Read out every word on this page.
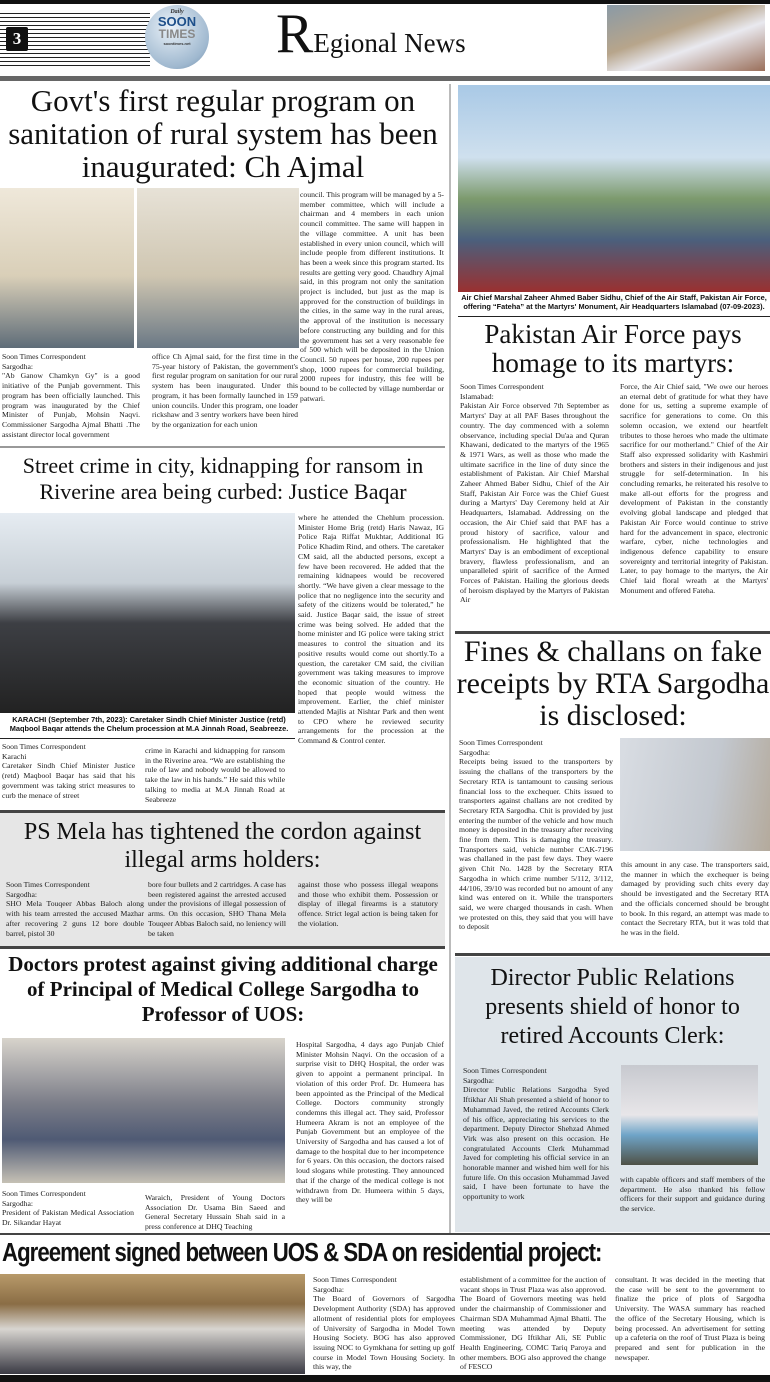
3
Daily
SOON
TIMES
soontimes.net	REgional News
Govt's first regular program on sanitation of rural system has been inaugurated: Ch Ajmal
Soon Times Correspondent
Sargodha:

"Ab Ganow Chamkyn Gy" is a good initiative of the Punjab government. This program has been officially launched. This program was inaugurated by the Chief Minister of Punjab, Mohsin Naqvi. Commissioner Sargodha Ajmal Bhatti .The assistant director local government

office Ch Ajmal said, for the first time in the 75-year history of Pakistan, the government's first regular program on sanitation for our rural system has been inaugurated. Under this program, it has been formally launched in 159 union councils. Under this program, one loader rickshaw and 3 sentry workers have been hired by the organization for each union
council. This program will be managed by a 5-member committee, which will include a chairman and 4 members in each union council committee. The same will happen in the village committee. A unit has been established in every union council, which will include people from different institutions. It has been a week since this program started. Its results are getting very good. Chaudhry Ajmal said, in this program not only the sanitation project is included, but just as the map is approved for the construction of buildings in the cities, in the same way in the rural areas, the approval of the institution is necessary before constructing any building and for this the government has set a very reasonable fee of 500 which will be deposited in the Union Council. 50 rupees per house, 200 rupees per shop, 1000 rupees for commercial building, 2000 rupees for industry, this fee will be bound to be collected by village numberdar or patwari.
Street crime in city, kidnapping for ransom in Riverine area being curbed: Justice Baqar
KARACHI (September 7th, 2023): Caretaker Sindh Chief Minister Justice (retd) Maqbool Baqar attends the Chelum procession at M.A Jinnah Road, Seabreeze.
Soon Times Correspondent
Karachi

Caretaker Sindh Chief Minister Justice (retd) Maqbool Baqar has said that his government was taking strict measures to curb the menace of street

crime in Karachi and kidnapping for ransom in the Riverine area. “We are establishing the rule of law and nobody would be allowed to take the law in his hands.” He said this while talking to media at M.A Jinnah Road at Seabreeze
where he attended the Chehlum procession. Minister Home Brig (retd) Haris Nawaz, IG Police Raja Riffat Mukhtar, Additional IG Police Khadim Rind, and others. The caretaker CM said, all the abducted persons, except a few have been recovered. He added that the remaining kidnapees would be recovered shortly. “We have given a clear message to the police that no negligence into the security and safety of the citizens would be tolerated,” he said. Justice Baqar said, the issue of street crime was being solved. He added that the home minister and IG police were taking strict measures to control the situation and its positive results would come out shortly.To a question, the caretaker CM said, the civilian government was taking measures to improve the economic situation of the country. He hoped that people would witness the improvement. Earlier, the chief minister attended Majlis at Nishtar Park and then went to CPO where he reviewed security arrangements for the procession at the Command & Control center.
PS Mela has tightened the cordon against illegal arms holders:
Soon Times Correspondent
Sargodha:

SHO Mela Touqeer Abbas Baloch along with his team arrested the accused Mazhar after recovering 2 guns 12 bore double barrel, pistol 30

bore four bullets and 2 cartridges. A case has been registered against the arrested accused under the provisions of illegal possession of arms. On this occasion, SHO Thana Mela Touqeer Abbas Baloch said, no leniency will be taken
against those who possess illegal weapons and those who exhibit them. Possession or display of illegal firearms is a statutory offence. Strict legal action is being taken for the violation.
Doctors protest against giving additional charge of Principal of Medical College Sargodha to Professor of UOS:
Soon Times Correspondent
Sargodha:

President of Pakistan Medical Association Dr. Sikandar Hayat

Waraich, President of Young Doctors Association Dr. Usama Bin Saeed and General Secretary Hussain Shah said in a press conference at DHQ Teaching
Hospital Sargodha, 4 days ago Punjab Chief Minister Mohsin Naqvi. On the occasion of a surprise visit to DHQ Hospital, the order was given to appoint a permanent principal. In violation of this order Prof. Dr. Humeera has been appointed as the Principal of the Medical College. Doctors community strongly condemns this illegal act. They said, Professor Humeera Akram is not an employee of the Punjab Government but an employee of the University of Sargodha and has caused a lot of damage to the hospital due to her incompetence for 6 years. On this occasion, the doctors raised loud slogans while protesting. They announced that if the charge of the medical college is not withdrawn from Dr. Humeera within 5 days, they will be
Air Chief Marshal Zaheer Ahmed Baber Sidhu, Chief of the Air Staff, Pakistan Air Force, offering “Fateha” at the Martyrs' Monument, Air Headquarters Islamabad (07-09-2023).
Pakistan Air Force pays homage to its martyrs:
Soon Times Correspondent
Islamabad:

Pakistan Air Force observed 7th September as Martyrs' Day at all PAF Bases throughout the country. The day commenced with a solemn observance, including special Du'aa and Quran Khawani, dedicated to the martyrs of the 1965 & 1971 Wars, as well as those who made the ultimate sacrifice in the line of duty since the establishment of Pakistan. Air Chief Marshal Zaheer Ahmed Baber Sidhu, Chief of the Air Staff, Pakistan Air Force was the Chief Guest during a Martyrs' Day Ceremony held at Air Headquarters, Islamabad. Addressing on the occasion, the Air Chief said that PAF has a proud history of sacrifice, valour and professionalism. He highlighted that the Martyrs' Day is an embodiment of exceptional bravery, flawless professionalism, and an unparalleled spirit of sacrifice of the Armed Forces of Pakistan. Hailing the glorious deeds of heroism displayed by the Martyrs of Pakistan Air

Force, the Air Chief said, "We owe our heroes an eternal debt of gratitude for what they have done for us, setting a supreme example of sacrifice for generations to come. On this solemn occasion, we extend our heartfelt tributes to those heroes who made the ultimate sacrifice for our motherland." Chief of the Air Staff also expressed solidarity with Kashmiri brothers and sisters in their indigenous and just struggle for self-determination. In his concluding remarks, he reiterated his resolve to make all-out efforts for the progress and development of Pakistan in the constantly evolving global landscape and pledged that Pakistan Air Force would continue to strive hard for the advancement in space, electronic warfare, cyber, niche technologies and indigenous defence capability to ensure sovereignty and territorial integrity of Pakistan. Later, to pay homage to the martyrs, the Air Chief laid floral wreath at the Martyrs' Monument and offered Fateha.
Fines & challans on fake receipts by RTA Sargodha is disclosed:
Soon Times Correspondent
Sargodha:

Receipts being issued to the transporters by issuing the challans of the transporters by the Secretary RTA is tantamount to causing serious financial loss to the exchequer. Chits issued to transporters against challans are not credited by Secretary RTA Sargodha. Chit is provided by just entering the number of the vehicle and how much money is deposited in the treasury after receiving fine from them. This is damaging the treasury. Transporters said, vehicle number CAK-7196 was challaned in the past few days. They waere given Chit No. 1428 by the Secretary RTA Sargodha in which crime number 5/112, 3/112, 44/106, 39/10 was recorded but no amount of any kind was entered on it. While the transporters said, we were charged thousands in cash. When we protested on this, they said that you will have to deposit

this amount in any case. The transporters said, the manner in which the exchequer is being damaged by providing such chits every day should be investigated and the Secretary RTA and the officials concerned should be brought to book. In this regard, an attempt was made to contact the Secretary RTA, but it was told that he was in the field.
Director Public Relations presents shield of honor to retired Accounts Clerk:
Soon Times Correspondent
Sargodha:

Director Public Relations Sargodha Syed Iftikhar Ali Shah presented a shield of honor to Muhammad Javed, the retired Accounts Clerk of his office, appreciating his services to the department. Deputy Director Shehzad Ahmed Virk was also present on this occasion. He congratulated Accounts Clerk Muhammad Javed for completing his official service in an honorable manner and wished him well for his future life. On this occasion Muhammad Javed said, I have been fortunate to have the opportunity to work

with capable officers and staff members of the department. He also thanked his fellow officers for their support and guidance during the service.
Agreement signed between UOS & SDA on residential project:
Soon Times Correspondent
Sargodha:

The Board of Governors of Sargodha Development Authority (SDA) has approved allotment of residential plots for employees of University of Sargodha in Model Town Housing Society. BOG has also approved issuing NOC to Gymkhana for setting up golf course in Model Town Housing Society. In this way, the

establishment of a committee for the auction of vacant shops in Trust Plaza was also approved. The Board of Governors meeting was held under the chairmanship of Commissioner and Chairman SDA Muhammad Ajmal Bhatti. The meeting was attended by Deputy Commissioner, DG Iftikhar Ali, SE Public Health Engineering, COMC Tariq Paroya and other members. BOG also approved the change of FESCO
consultant. It was decided in the meeting that the case will be sent to the government to finalize the price of plots of Sargodha University. The WASA summary has reached the office of the Secretary Housing, which is being processed. An advertisement for setting up a cafeteria on the roof of Trust Plaza is being prepared and sent for publication in the newspaper.
